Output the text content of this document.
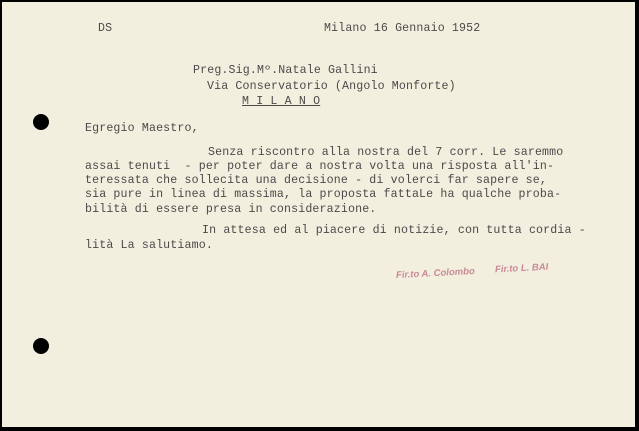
DS	Milano 16 Gennaio 1952
Preg.Sig.Mº.Natale Gallini
Via Conservatorio (Angolo Monforte)
M I L A N O
Egregio Maestro,
Senza riscontro alla nostra del 7 corr. Le saremmo
assai tenuti  - per poter dare a nostra volta una risposta all'in-
teressata che sollecita una decisione - di volerci far sapere se,
sia pure in linea di massima, la proposta fattaLe ha qualche proba-
bilità di essere presa in considerazione.
In attesa ed al piacere di notizie, con tutta cordia -
lità La salutiamo.
Fir.to A. Colombo Fir.to L. BAI
